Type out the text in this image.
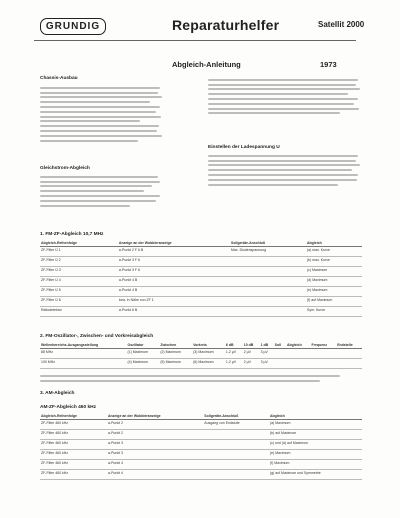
GRUNDIG	Reparaturhelfer	Satellit 2000
Abgleich-Anleitung	1973
Chassis-Ausbau
Gleichstrom-Abgleich
Einstellen der Ladespannung U
1. FM-ZF-Abgleich 10,7 MHz
Abgleich-Reihenfolge	Anzeige an der Wobbleranzeige	Sollgeräte-Anschluß	Abgleich
ZF-Filter Ü 1	a-Punkt 2 F 6 B	Max. Diodenspannung	(a) max. Kurve
ZF-Filter Ü 2	a-Punkt 3 F 6		(b) max. Kurve
ZF-Filter Ü 3	a-Punkt 3 F 6		(c) Maximum
ZF-Filter Ü 4	a-Punkt 4 B		(d) Maximum
ZF-Filter Ü 5	a-Punkt 4 B		(e) Maximum
ZF-Filter Ü 6	bzw. in Nähe von ZF 1		(f) auf Maximum
Ratiodetektor	a-Punkt 6 B		Sym. Kurve
2. FM-Oszillator-, Zwischen- und Vorkreisabgleich
Wellenbereichs-Ausgangsstellung	Oszillator	Zwischen	Vorkreis	6 dB	10 dB	1 dB	Soll	Abgleich	Frequenz	Endstelle
88 MHz	(1) Maximum	(2) Maximum	(3) Maximum	1,2 µV	2 µV	3 µV				
100 MHz	(4) Maximum	(5) Maximum	(6) Maximum	1,2 µV	2 µV	3 µV				
3. AM-Abgleich
AM-ZF-Abgleich 460 kHz
Abgleich-Reihenfolge	Anzeige an der Wobbleranzeige	Sollgeräte-Anschluß	Abgleich
ZF-Filter 460 kHz	a-Punkt 2	Ausgang von Endstufe	(a) Maximum
ZF-Filter 460 kHz	a-Punkt 2		(b) auf Maximum
ZF-Filter 460 kHz	a-Punkt 3		(c) und (d) auf Maximum
ZF-Filter 460 kHz	a-Punkt 3		(e) Maximum
ZF-Filter 460 kHz	a-Punkt 4		(f) Maximum
ZF-Filter 460 kHz	a-Punkt 4		(g) auf Maximum und Symmetrie
